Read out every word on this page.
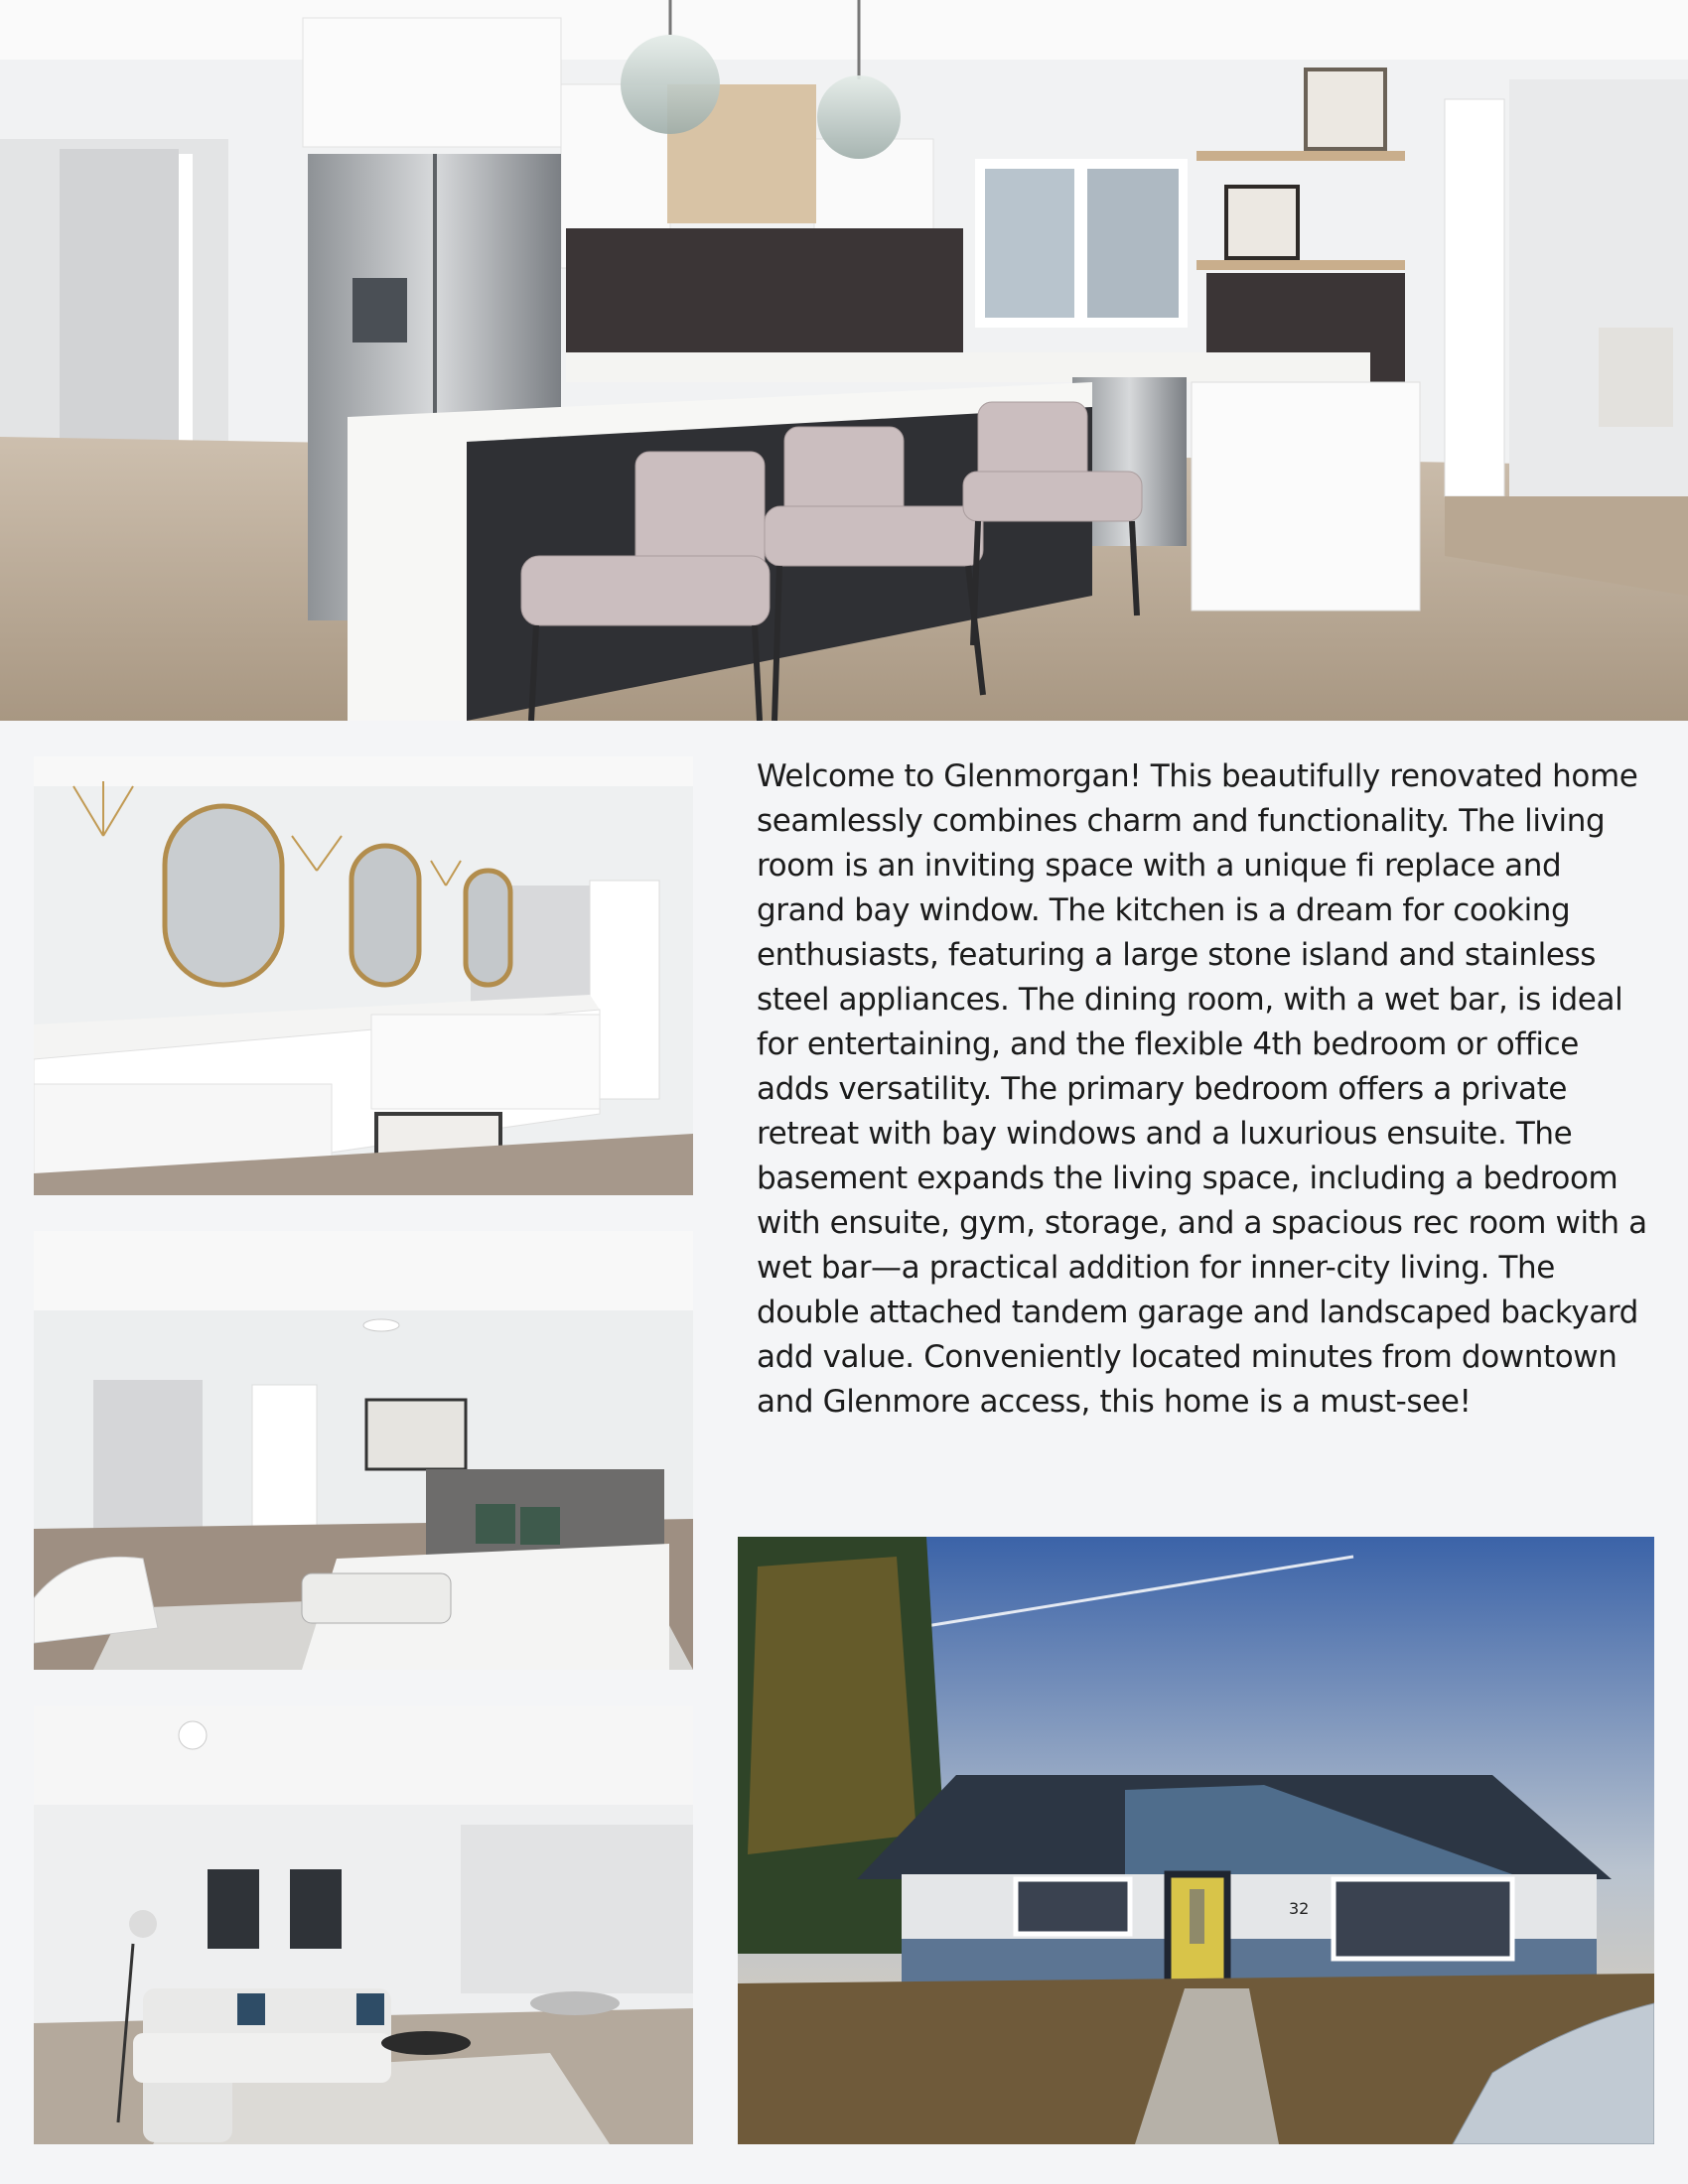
32

Welcome to Glenmorgan! This beautifully renovated home seamlessly combines charm and functionality. The living room is an inviting space with a unique fi replace and grand bay window. The kitchen is a dream for cooking enthusiasts, featuring a large stone island and stainless steel appliances. The dining room, with a wet bar, is ideal for entertaining, and the flexible 4th bedroom or office adds versatility. The primary bedroom offers a private retreat with bay windows and a luxurious ensuite. The basement expands the living space, including a bedroom with ensuite, gym, storage, and a spacious rec room with a wet bar—a practical addition for inner-city living. The double attached tandem garage and landscaped backyard add value. Conveniently located minutes from downtown and Glenmore access, this home is a must-see!
